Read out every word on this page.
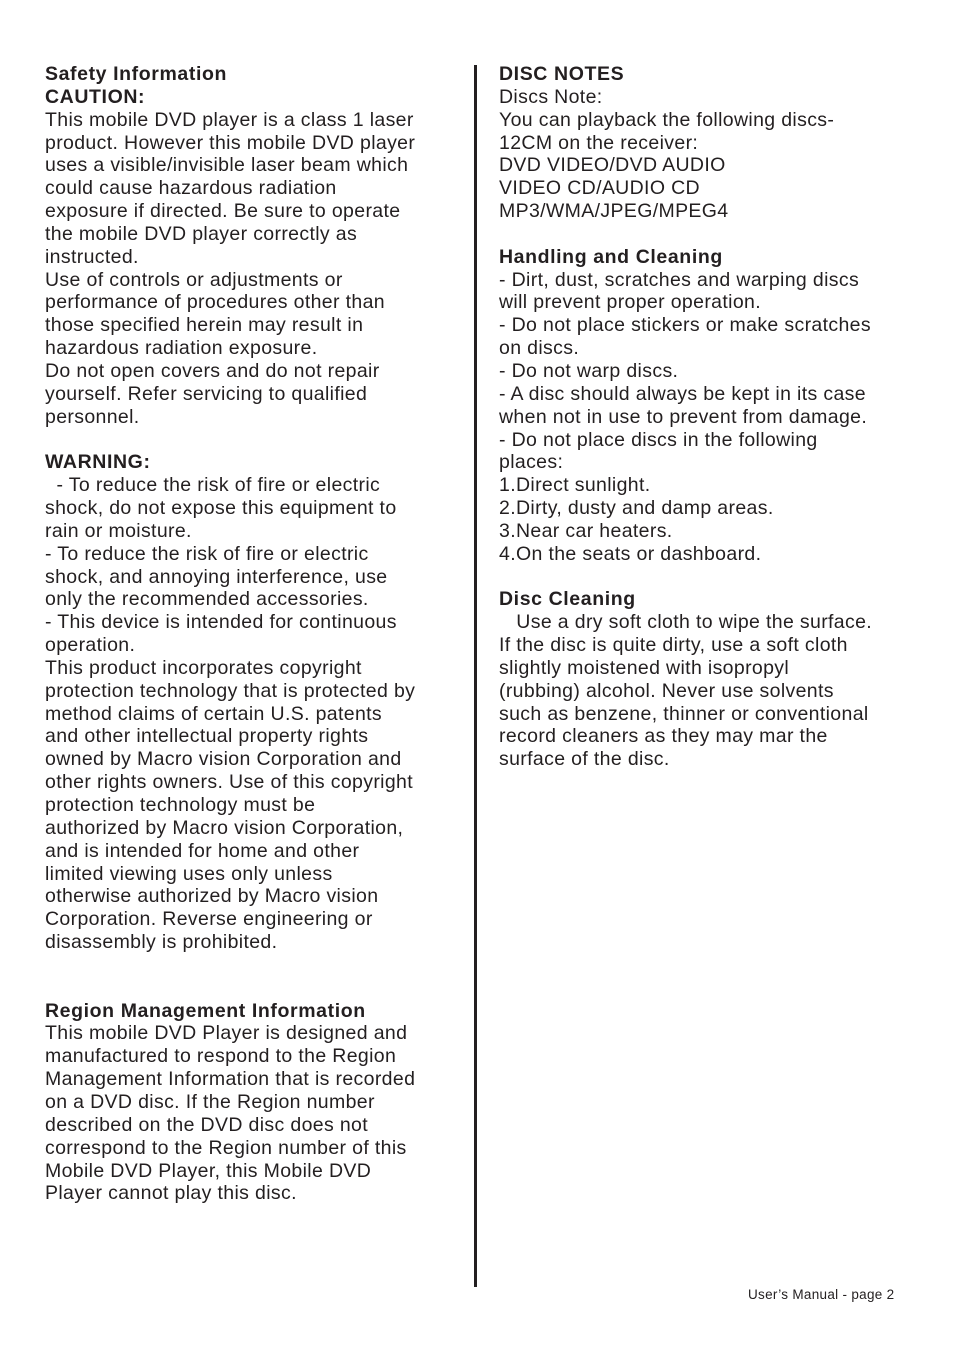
Safety Information
CAUTION:
This mobile DVD player is a class 1 laser
product. However this mobile DVD player
uses a visible/invisible laser beam which
could cause hazardous radiation
exposure if directed. Be sure to operate
the mobile DVD player correctly as
instructed.
Use of controls or adjustments or
performance of procedures other than
those specified herein may result in
hazardous radiation exposure.
Do not open covers and do not repair
yourself. Refer servicing to qualified
personnel.
WARNING:
- To reduce the risk of fire or electric
shock, do not expose this equipment to
rain or moisture.
- To reduce the risk of fire or electric
shock, and annoying interference, use
only the recommended accessories.
- This device is intended for continuous
operation.
This product incorporates copyright
protection technology that is protected by
method claims of certain U.S. patents
and other intellectual property rights
owned by Macro vision Corporation and
other rights owners. Use of this copyright
protection technology must be
authorized by Macro vision Corporation,
and is intended for home and other
limited viewing uses only unless
otherwise authorized by Macro vision
Corporation. Reverse engineering or
disassembly is prohibited.
Region Management Information
This mobile DVD Player is designed and
manufactured to respond to the Region
Management Information that is recorded
on a DVD disc. If the Region number
described on the DVD disc does not
correspond to the Region number of this
Mobile DVD Player, this Mobile DVD
Player cannot play this disc.
DISC NOTES
Discs Note:
You can playback the following discs-
12CM on the receiver:
DVD VIDEO/DVD AUDIO
VIDEO CD/AUDIO CD
MP3/WMA/JPEG/MPEG4
Handling and Cleaning
- Dirt, dust, scratches and warping discs
will prevent proper operation.
- Do not place stickers or make scratches
on discs.
- Do not warp discs.
- A disc should always be kept in its case
when not in use to prevent from damage.
- Do not place discs in the following
places:
1.Direct sunlight.
2.Dirty, dusty and damp areas.
3.Near car heaters.
4.On the seats or dashboard.
Disc Cleaning
Use a dry soft cloth to wipe the surface.
If the disc is quite dirty, use a soft cloth
slightly moistened with isopropyl
(rubbing) alcohol. Never use solvents
such as benzene, thinner or conventional
record cleaners as they may mar the
surface of the disc.
User’s Manual - page 2
